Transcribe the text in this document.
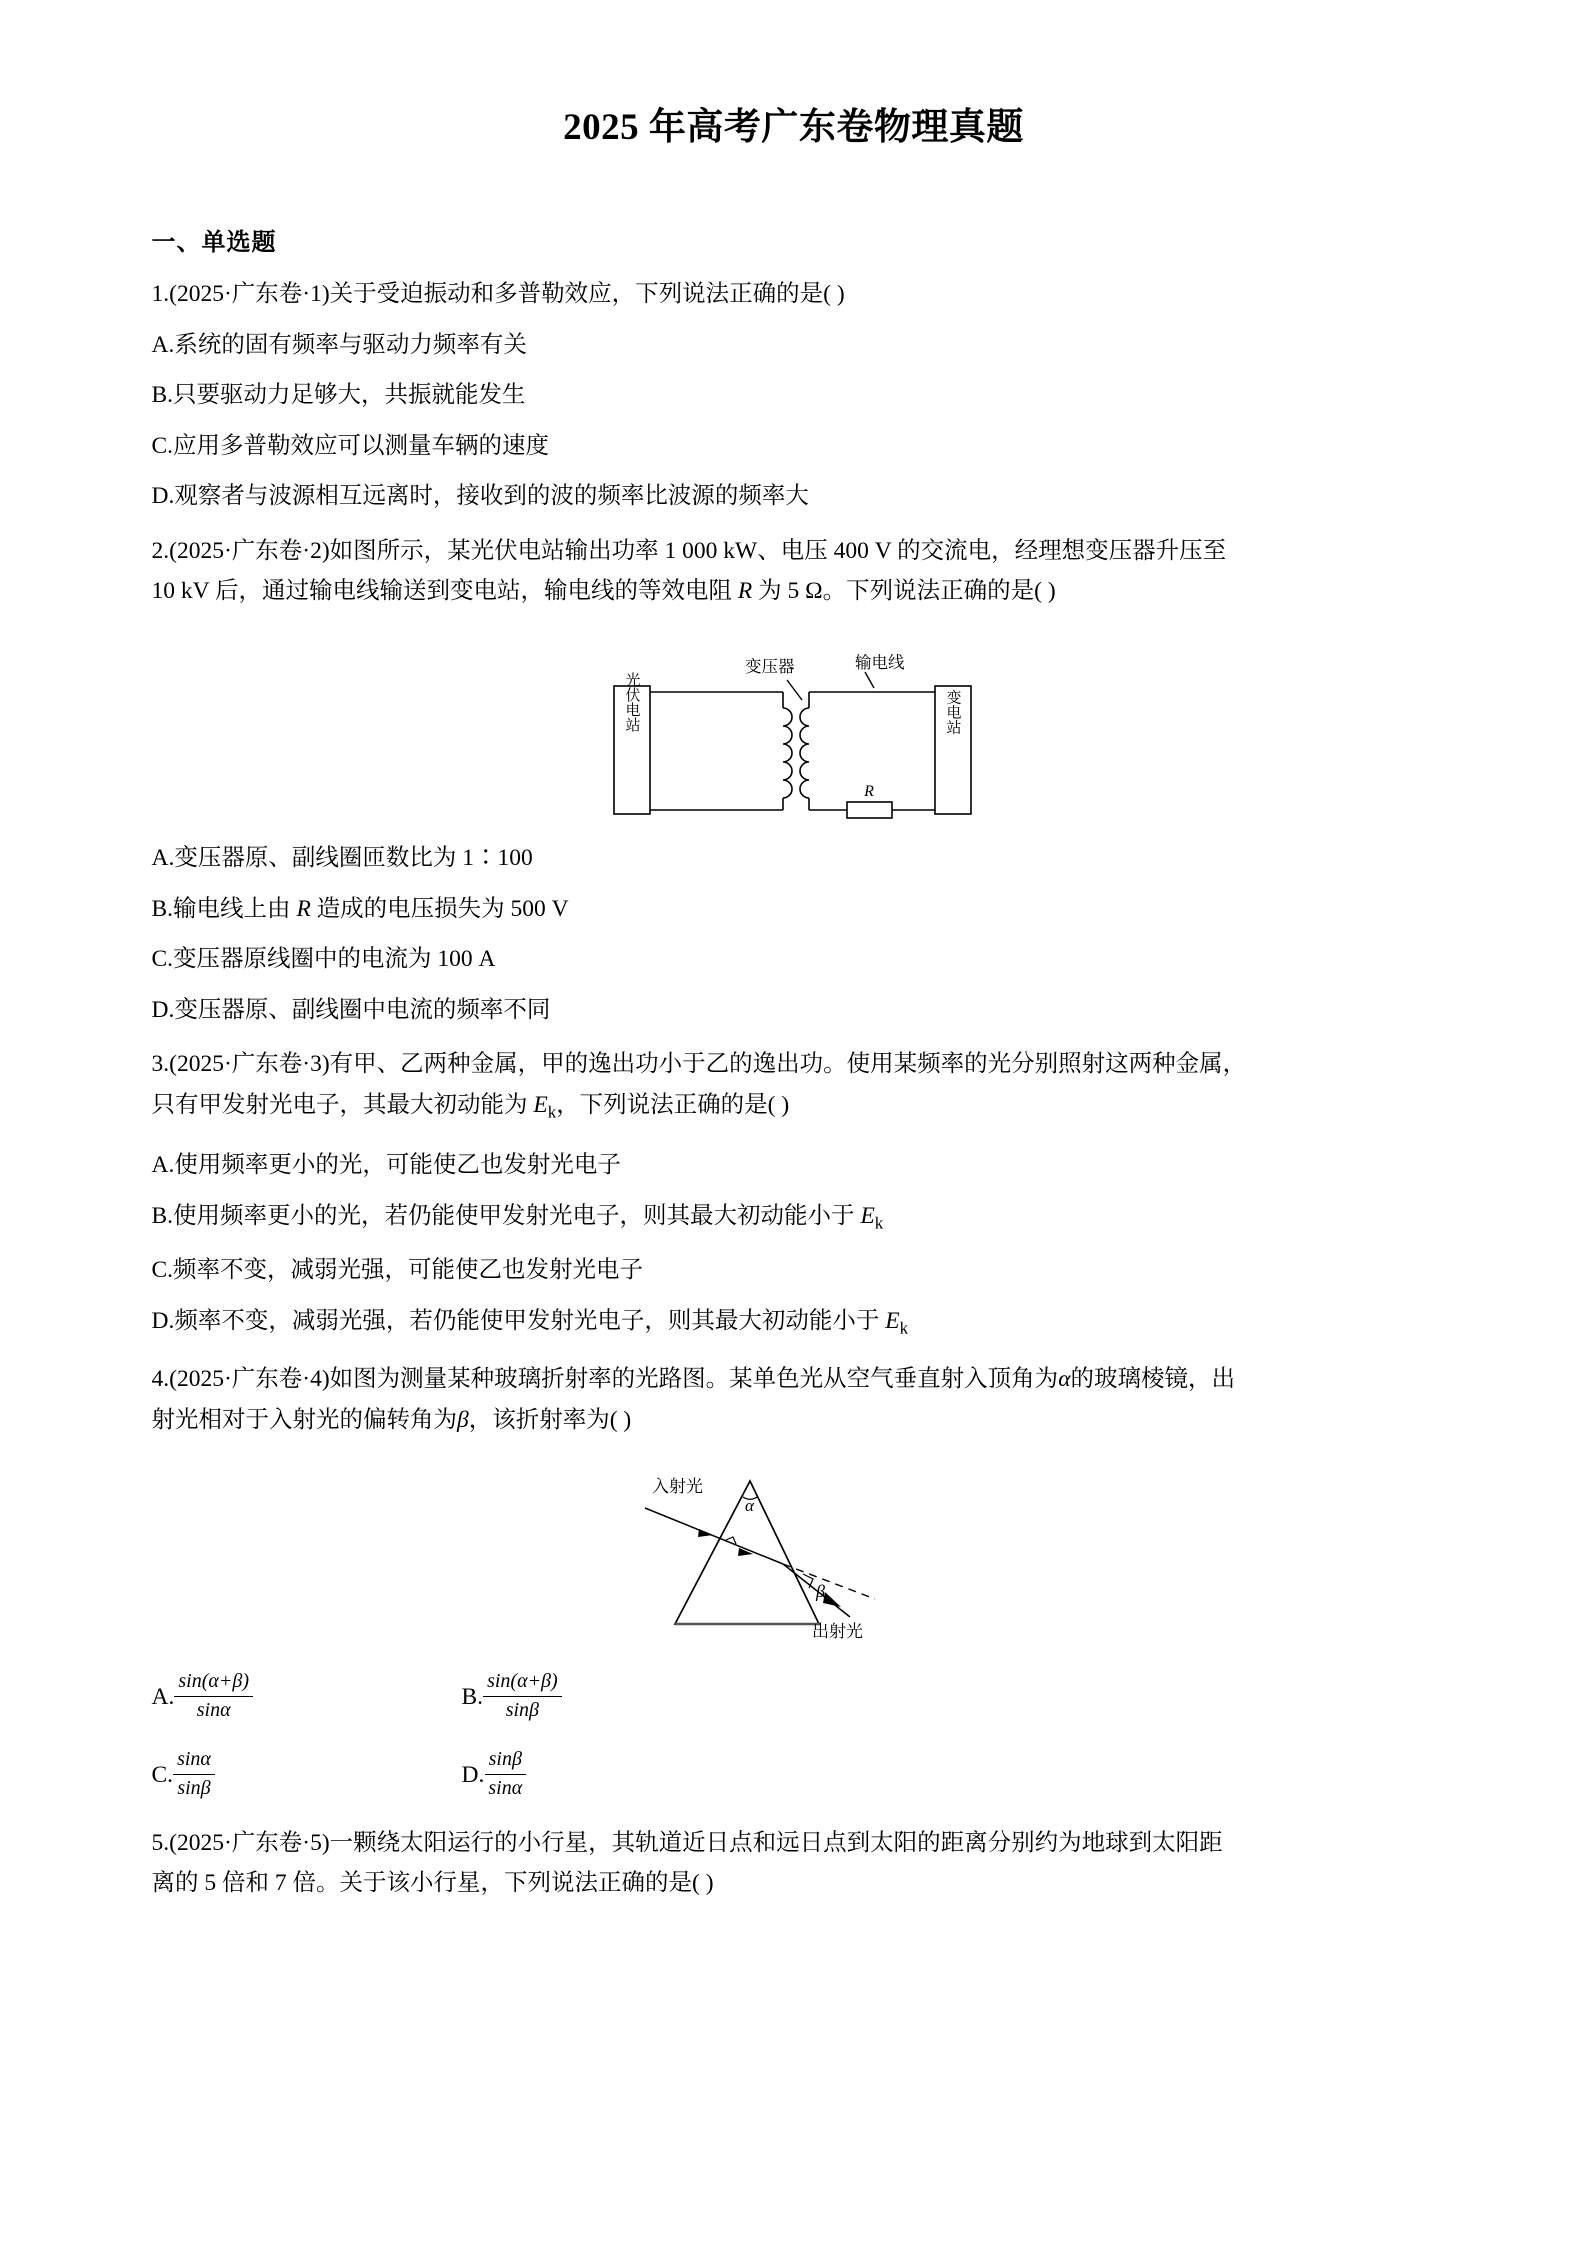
2025 年高考广东卷物理真题
一、单选题
1.(2025·广东卷·1)关于受迫振动和多普勒效应，下列说法正确的是( )
A.系统的固有频率与驱动力频率有关
B.只要驱动力足够大，共振就能发生
C.应用多普勒效应可以测量车辆的速度
D.观察者与波源相互远离时，接收到的波的频率比波源的频率大
2.(2025·广东卷·2)如图所示，某光伏电站输出功率 1 000 kW、电压 400 V 的交流电，经理想变压器升压至
10 kV 后，通过输电线输送到变电站，输电线的等效电阻 R 为 5 Ω。下列说法正确的是( )
光伏电站	变电站
R
变压器	输电线
A.变压器原、副线圈匝数比为 1∶100
B.输电线上由 R 造成的电压损失为 500 V
C.变压器原线圈中的电流为 100 A
D.变压器原、副线圈中电流的频率不同
3.(2025·广东卷·3)有甲、乙两种金属，甲的逸出功小于乙的逸出功。使用某频率的光分别照射这两种金属，
只有甲发射光电子，其最大初动能为 $E_k$，下列说法正确的是( )
A.使用频率更小的光，可能使乙也发射光电子
B.使用频率更小的光，若仍能使甲发射光电子，则其最大初动能小于 $E_k$
C.频率不变，减弱光强，可能使乙也发射光电子
D.频率不变，减弱光强，若仍能使甲发射光电子，则其最大初动能小于 $E_k$
4.(2025·广东卷·4)如图为测量某种玻璃折射率的光路图。某单色光从空气垂直射入顶角为α的玻璃棱镜，出
射光相对于入射光的偏转角为β，该折射率为( )
入射光
出射光
α
β
A. $\frac{\sin(\alpha+\beta)}{\sin\alpha}$	B. $\frac{\sin(\alpha+\beta)}{\sin\beta}$
C. $\frac{\sin\alpha}{\sin\beta}$	D. $\frac{\sin\beta}{\sin\alpha}$
5.(2025·广东卷·5)一颗绕太阳运行的小行星，其轨道近日点和远日点到太阳的距离分别约为地球到太阳距
离的 5 倍和 7 倍。关于该小行星，下列说法正确的是( )
